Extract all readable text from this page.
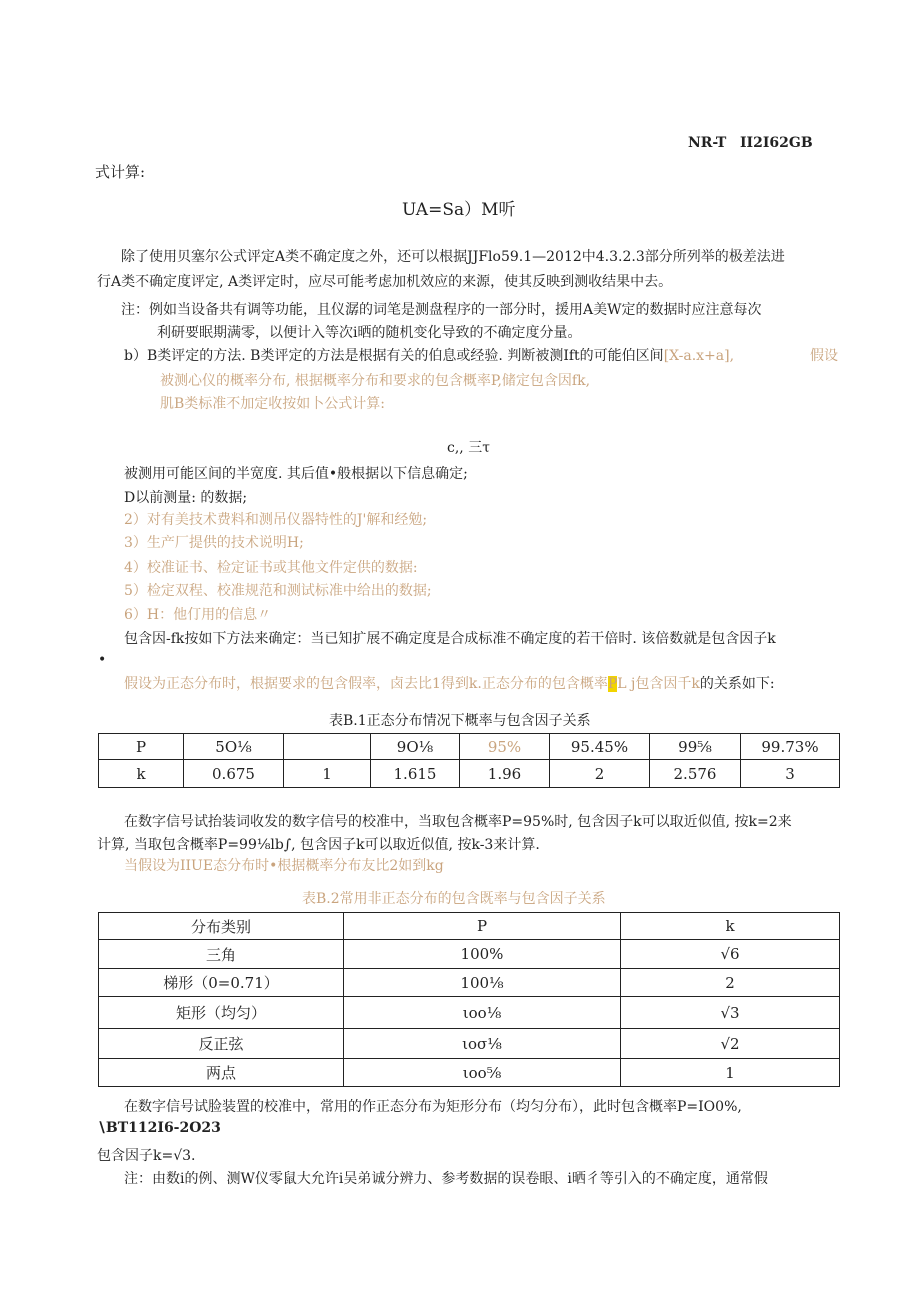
NR-T II2I62GB
式计算:
UA=Sa）M听
除了使用贝塞尔公式评定A类不确定度之外，还可以根据JJFlo59.1—2012中4.3.2.3部分所列举的极差法进
行A类不确定度评定, A类评定时，应尽可能考虑加机效应的来源，使其反映到测收结果中去。
注：例如当设备共有调等功能，且仪潺的词笔是测盘程序的一部分时，援用A美W定的数据时应注意每次
利研要眠期满零，以便计入等次i晒的随机变化导致的不确定度分量。
b）B类评定的方法. B类评定的方法是根据有关的伯息或经验. 判断被测Ift的可能伯区间[X-a.x+a],	假设
被测心仪的概率分布, 根据概率分布和要求的包含概率P,储定包含因fk,
肌B类标准不加定收按如卜公式计算:
c,, 三τ
被测用可能区间的半宽度. 其后值•般根据以下信息确定;
D以前测量: 的数据;
2）对有美技术费料和测吊仪器特性的J'解和经勉;
3）生产厂提供的技术说明H;
4）校准证书、检定证书或其他文件定供的数据:
5）检定双程、校准规范和测试标准中给出的数据;
6）H：他仃用的信息〃
包含因-fk按如下方法来确定：当已知扩展不确定度是合成标准不确定度的若干倍时. 该倍数就是包含因子k
•
假设为正态分布时，根据要求的包含假率，卤去比1得到k.正态分布的包含概率PL j包含因千k的关系如下:
表B.1正态分布情况下概率与包含因子关系
P	5O⅛		9O⅛	95%	95.45%	99⅝	99.73%
k	0.675	1	1.615	1.96	2	2.576	3
在数字信号试抬装词收发的数字信号的校准中，当取包含概率P=95%时, 包含因子k可以取近似值, 按k=2来
计算, 当取包含概率P=99⅛lb∫, 包含因子k可以取近似值, 按k-3来计算.
当假设为IIUE态分布时•根据概率分布友比2如到kg
表B.2常用非正态分布的包含既率与包含因子关系
分布类别	P	k
三角	100%	√6
梯形（0=0.71）	100⅛	2
矩形（均匀）	ιoo⅛	√3
反正弦	ιoσ⅛	√2
两点	ιoo⅝	1
在数字信号试脸装置的校准中，常用的作正态分布为矩形分布（均匀分布），此时包含概率P=IO0%,
∖BT112I6-2O23
包含因子k=√3.
注：由数i的例、测W仪零鼠大允许i吴弟诚分辨力、参考数据的误卷眼、i晒彳等引入的不确定度，通常假
